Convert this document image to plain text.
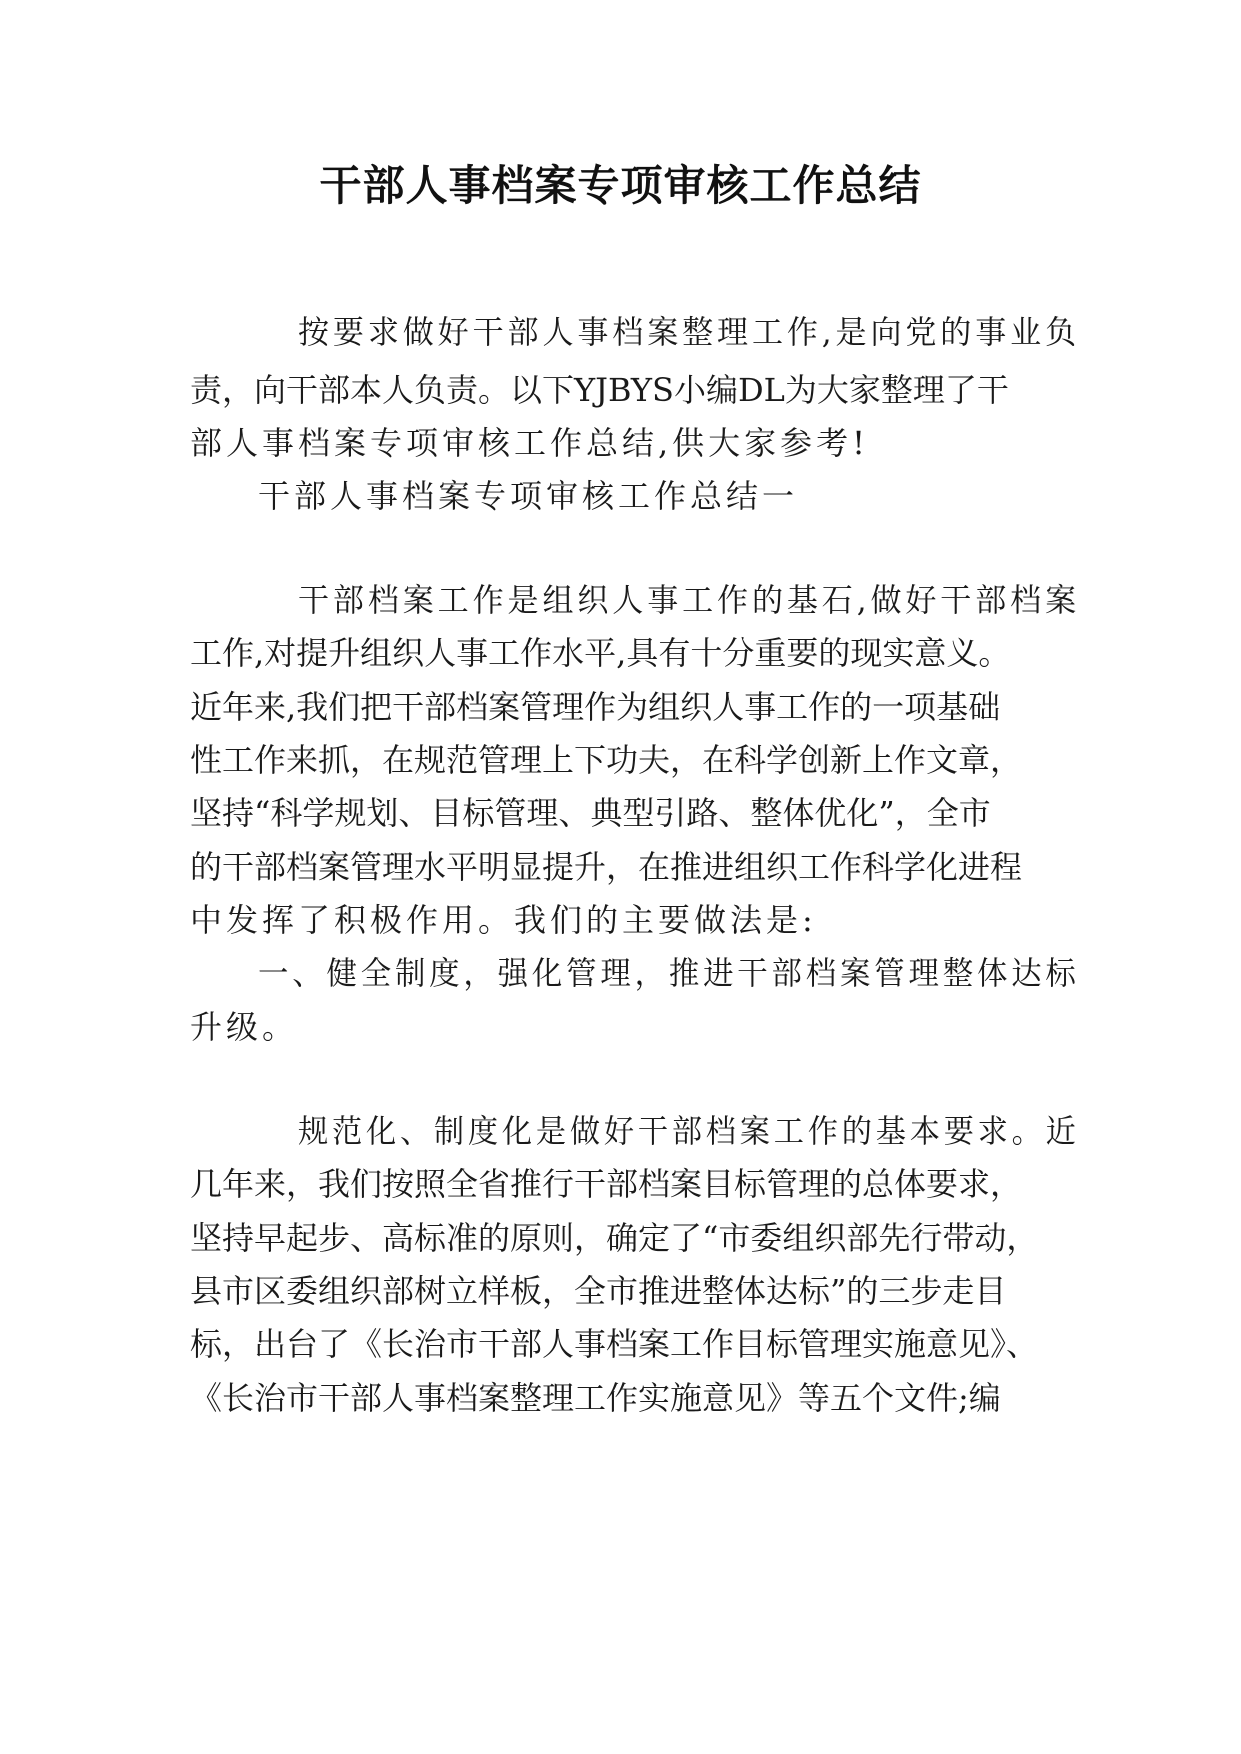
干部人事档案专项审核工作总结
按要求做好干部人事档案整理工作,是向党的事业负
责，向干部本人负责。以下YJBYS小编DL为大家整理了干
部人事档案专项审核工作总结,供大家参考!
干部人事档案专项审核工作总结一
干部档案工作是组织人事工作的基石,做好干部档案
工作,对提升组织人事工作水平,具有十分重要的现实意义。
近年来,我们把干部档案管理作为组织人事工作的一项基础
性工作来抓，在规范管理上下功夫，在科学创新上作文章，
坚持“科学规划、目标管理、典型引路、整体优化”，全市
的干部档案管理水平明显提升，在推进组织工作科学化进程
中发挥了积极作用。我们的主要做法是:
一、健全制度，强化管理，推进干部档案管理整体达标
升级。
规范化、制度化是做好干部档案工作的基本要求。近
几年来，我们按照全省推行干部档案目标管理的总体要求，
坚持早起步、高标准的原则，确定了“市委组织部先行带动，
县市区委组织部树立样板，全市推进整体达标”的三步走目
标，出台了《长治市干部人事档案工作目标管理实施意见》、
《长治市干部人事档案整理工作实施意见》等五个文件;编
